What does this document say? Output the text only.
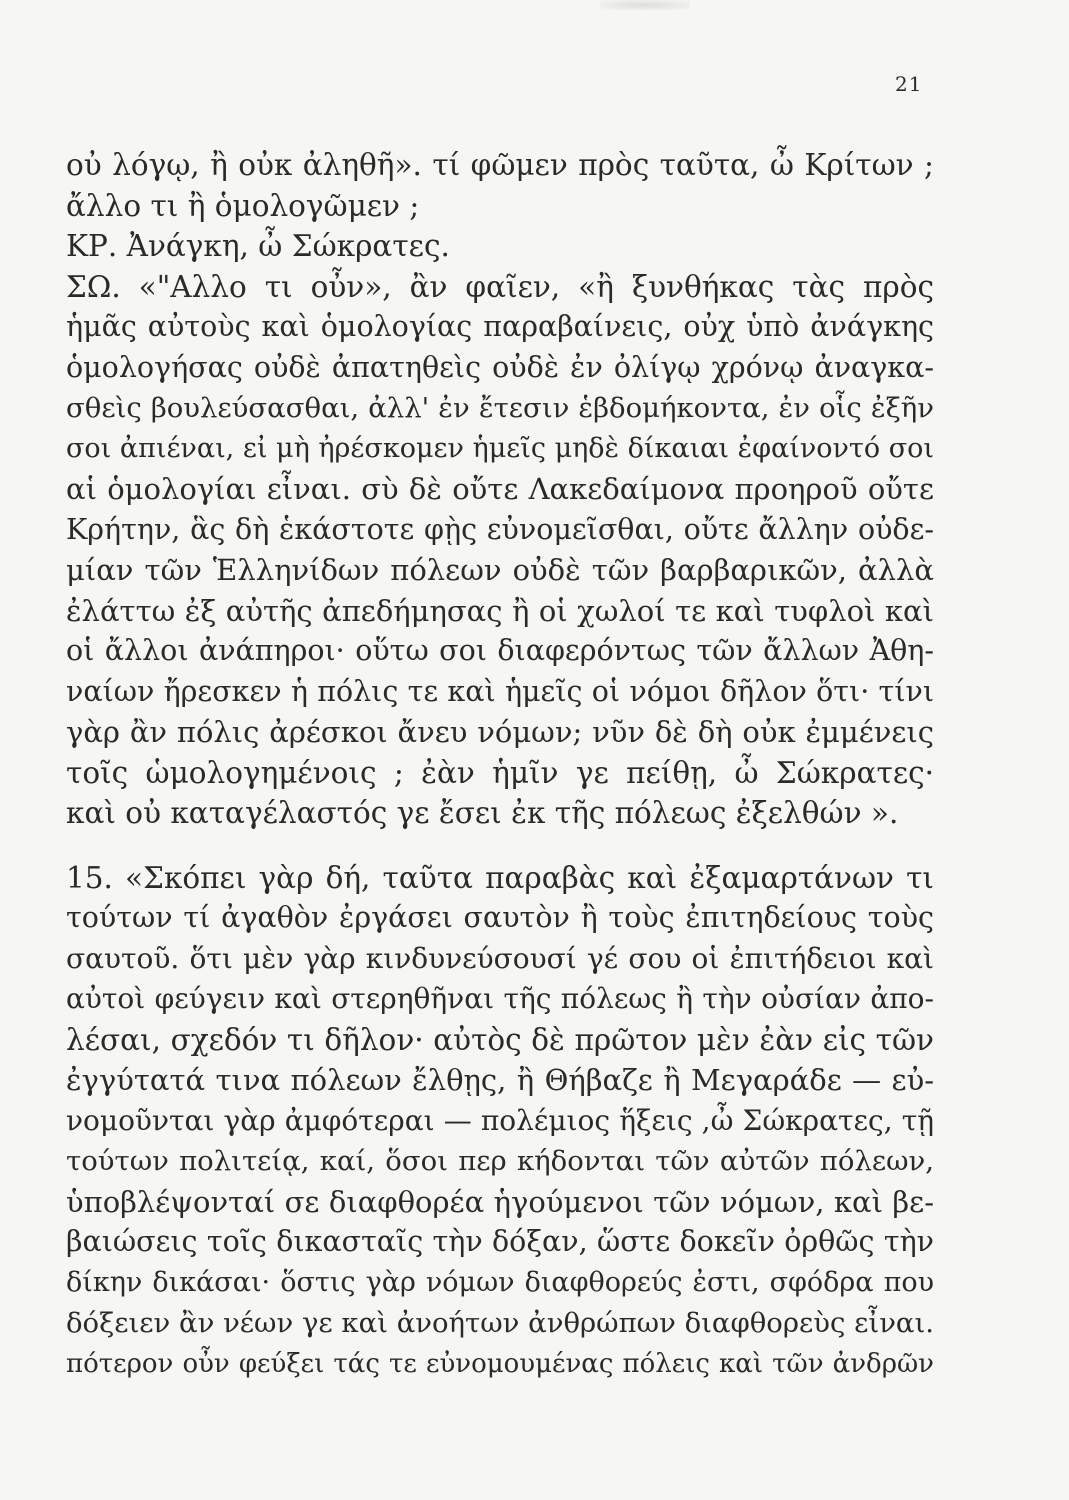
21
οὐ λόγῳ, ἢ οὐκ ἀληθῆ». τί φῶμεν πρὸς ταῦτα, ὦ Κρίτων ;
ἄλλο τι ἢ ὁμολογῶμεν ;
ΚΡ. Ἀνάγκη, ὦ Σώκρατες.
ΣΩ. «"Αλλο τι οὖν», ἂν φαῖεν, «ἢ ξυνθήκας τὰς πρὸς
ἡμᾶς αὐτοὺς καὶ ὁμολογίας παραβαίνεις, οὐχ ὑπὸ ἀνάγκης
ὁμολογήσας οὐδὲ ἀπατηθεὶς οὐδὲ ἐν ὀλίγῳ χρόνῳ ἀναγκα-
σθεὶς βουλεύσασθαι, ἀλλ' ἐν ἔτεσιν ἑβδομήκοντα, ἐν οἷς ἐξῆν
σοι ἀπιέναι, εἰ μὴ ἠρέσκομεν ἡμεῖς μηδὲ δίκαιαι ἐφαίνοντό σοι
αἱ ὁμολογίαι εἶναι. σὺ δὲ οὔτε Λακεδαίμονα προηροῦ οὔτε
Κρήτην, ἃς δὴ ἑκάστοτε φῂς εὐνομεῖσθαι, οὔτε ἄλλην οὐδε-
μίαν τῶν Ἑλληνίδων πόλεων οὐδὲ τῶν βαρβαρικῶν, ἀλλὰ
ἐλάττω ἐξ αὐτῆς ἀπεδήμησας ἢ οἱ χωλοί τε καὶ τυφλοὶ καὶ
οἱ ἄλλοι ἀνάπηροι· οὕτω σοι διαφερόντως τῶν ἄλλων Ἀθη-
ναίων ἤρεσκεν ἡ πόλις τε καὶ ἡμεῖς οἱ νόμοι δῆλον ὅτι· τίνι
γὰρ ἂν πόλις ἀρέσκοι ἄνευ νόμων; νῦν δὲ δὴ οὐκ ἐμμένεις
τοῖς ὡμολογημένοις ; ἐὰν ἡμῖν γε πείθῃ, ὦ Σώκρατες·
καὶ οὐ καταγέλαστός γε ἔσει ἐκ τῆς πόλεως ἐξελθών ».
15. «Σκόπει γὰρ δή, ταῦτα παραβὰς καὶ ἐξαμαρτάνων τι
τούτων τί ἀγαθὸν ἐργάσει σαυτὸν ἢ τοὺς ἐπιτηδείους τοὺς
σαυτοῦ. ὅτι μὲν γὰρ κινδυνεύσουσί γέ σου οἱ ἐπιτήδειοι καὶ
αὐτοὶ φεύγειν καὶ στερηθῆναι τῆς πόλεως ἢ τὴν οὐσίαν ἀπο-
λέσαι, σχεδόν τι δῆλον· αὐτὸς δὲ πρῶτον μὲν ἐὰν εἰς τῶν
ἐγγύτατά τινα πόλεων ἔλθῃς, ἢ Θήβαζε ἢ Μεγαράδε — εὐ-
νομοῦνται γὰρ ἀμφότεραι — πολέμιος ἥξεις ,ὦ Σώκρατες, τῇ
τούτων πολιτείᾳ, καί, ὅσοι περ κήδονται τῶν αὐτῶν πόλεων,
ὑποβλέψονταί σε διαφθορέα ἡγούμενοι τῶν νόμων, καὶ βε-
βαιώσεις τοῖς δικασταῖς τὴν δόξαν, ὥστε δοκεῖν ὀρθῶς τὴν
δίκην δικάσαι· ὅστις γὰρ νόμων διαφθορεύς ἐστι, σφόδρα που
δόξειεν ἂν νέων γε καὶ ἀνοήτων ἀνθρώπων διαφθορεὺς εἶναι.
πότερον οὖν φεύξει τάς τε εὐνομουμένας πόλεις καὶ τῶν ἀνδρῶν
